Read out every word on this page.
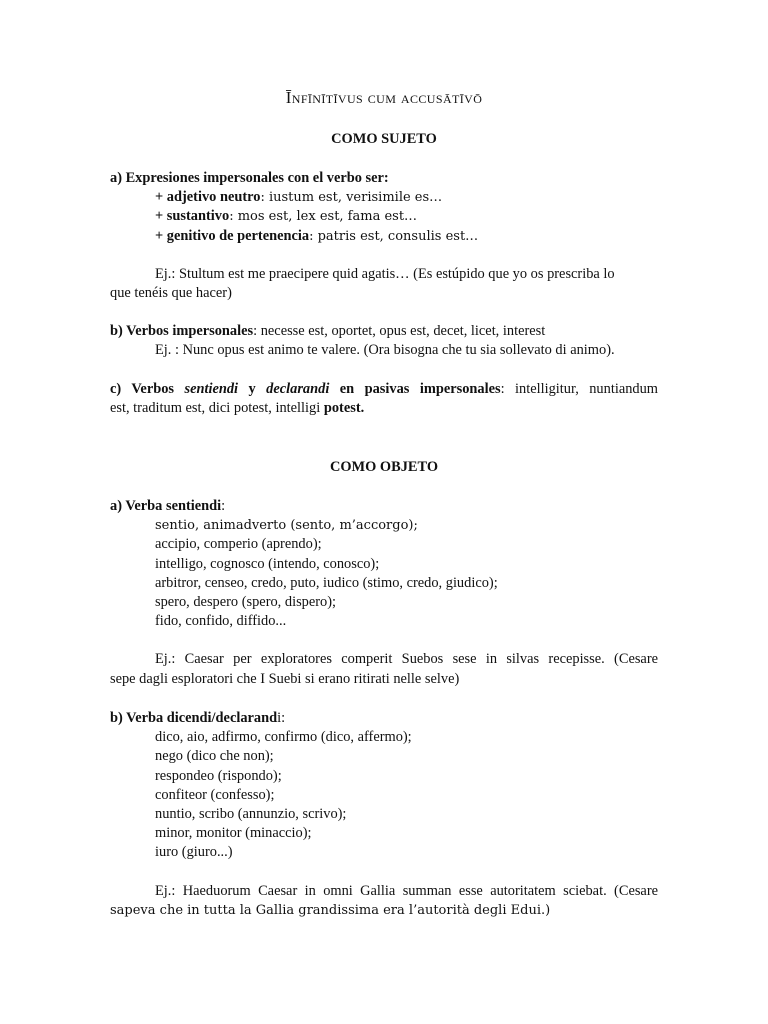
Īnfīnītīvus cum accusātīvō
COMO SUJETO
a) Expresiones impersonales con el verbo ser:
+ adjetivo neutro: iustum est, verisimile es…
+ sustantivo: mos est, lex est, fama est…
+ genitivo de pertenencia: patris est, consulis est…
Ej.: Stultum est me praecipere quid agatis… (Es estúpido que yo os prescriba lo
que tenéis que hacer)
b) Verbos impersonales: necesse est, oportet, opus est, decet, licet, interest
Ej. : Nunc opus est animo te valere. (Ora bisogna che tu sia sollevato di animo).
c) Verbos sentiendi y declarandi en pasivas impersonales: intelligitur, nuntiandum
est, traditum est, dici potest, intelligi potest.
COMO OBJETO
a) Verba sentiendi:
sentio, animadverto (sento, m’accorgo);
accipio, comperio (aprendo);
intelligo, cognosco (intendo, conosco);
arbitror, censeo, credo, puto, iudico (stimo, credo, giudico);
spero, despero (spero, dispero);
fido, confido, diffido...
Ej.: Caesar per exploratores comperit Suebos sese in silvas recepisse. (Cesare
sepe dagli esploratori che I Suebi si erano ritirati nelle selve)
b) Verba dicendi/declarandi:
dico, aio, adfirmo, confirmo (dico, affermo);
nego (dico che non);
respondeo (rispondo);
confiteor (confesso);
nuntio, scribo (annunzio, scrivo);
minor, monitor (minaccio);
iuro (giuro...)
Ej.: Haeduorum Caesar in omni Gallia summan esse autoritatem sciebat. (Cesare
sapeva che in tutta la Gallia grandissima era l’autorità degli Edui.)
